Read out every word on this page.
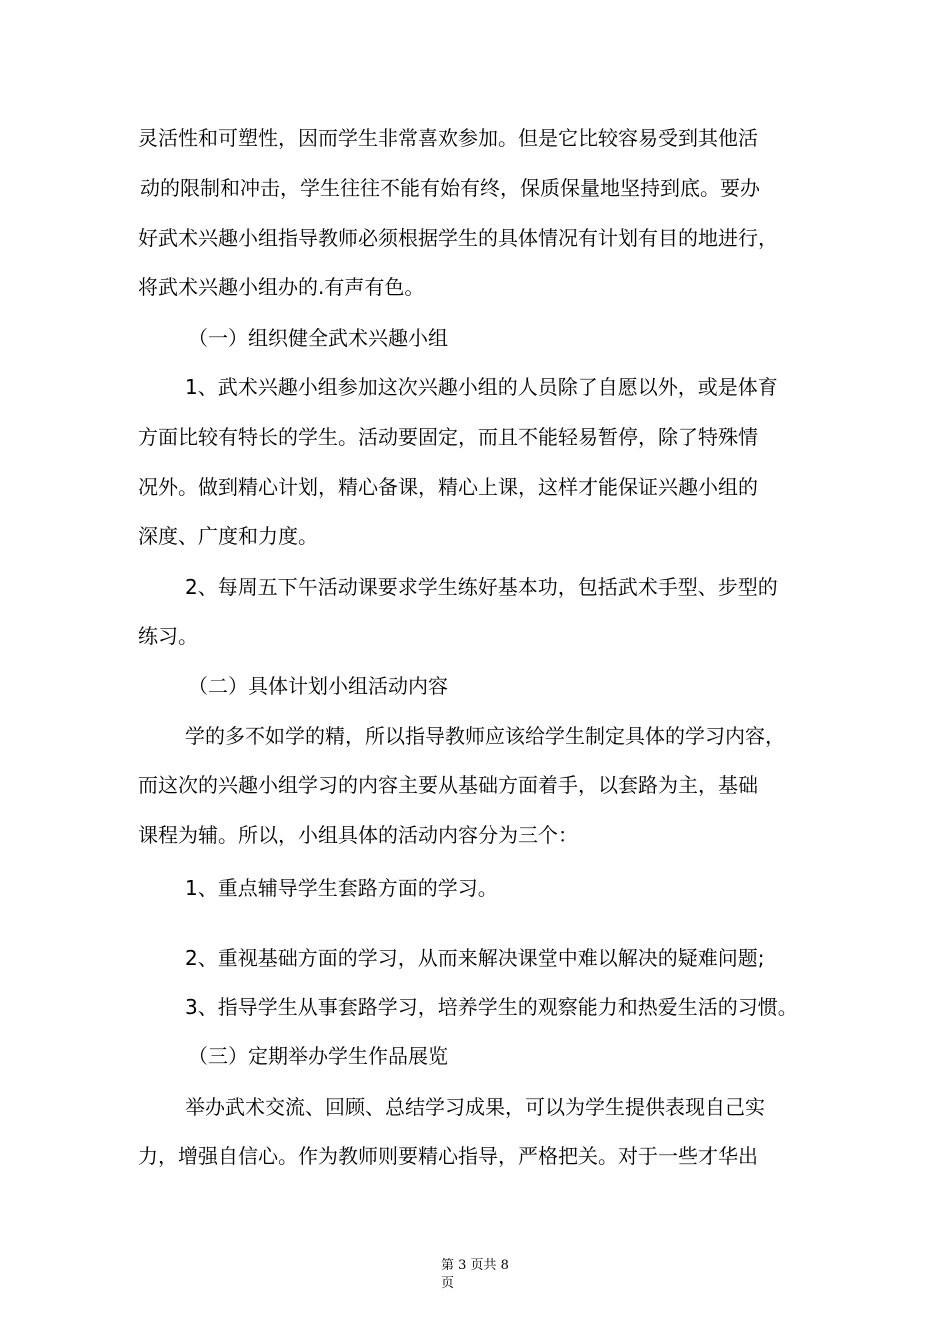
灵活性和可塑性，因而学生非常喜欢参加。但是它比较容易受到其他活
动的限制和冲击，学生往往不能有始有终，保质保量地坚持到底。要办
好武术兴趣小组指导教师必须根据学生的具体情况有计划有目的地进行，
将武术兴趣小组办的.有声有色。
（一）组织健全武术兴趣小组
1、武术兴趣小组参加这次兴趣小组的人员除了自愿以外，或是体育
方面比较有特长的学生。活动要固定，而且不能轻易暂停，除了特殊情
况外。做到精心计划，精心备课，精心上课，这样才能保证兴趣小组的
深度、广度和力度。
2、每周五下午活动课要求学生练好基本功，包括武术手型、步型的
练习。
（二）具体计划小组活动内容
学的多不如学的精，所以指导教师应该给学生制定具体的学习内容，
而这次的兴趣小组学习的内容主要从基础方面着手，以套路为主，基础
课程为辅。所以，小组具体的活动内容分为三个：
1、重点辅导学生套路方面的学习。
2、重视基础方面的学习，从而来解决课堂中难以解决的疑难问题;
3、指导学生从事套路学习，培养学生的观察能力和热爱生活的习惯。
（三）定期举办学生作品展览
举办武术交流、回顾、总结学习成果，可以为学生提供表现自己实
力，增强自信心。作为教师则要精心指导，严格把关。对于一些才华出
第 3 页共 8 页
